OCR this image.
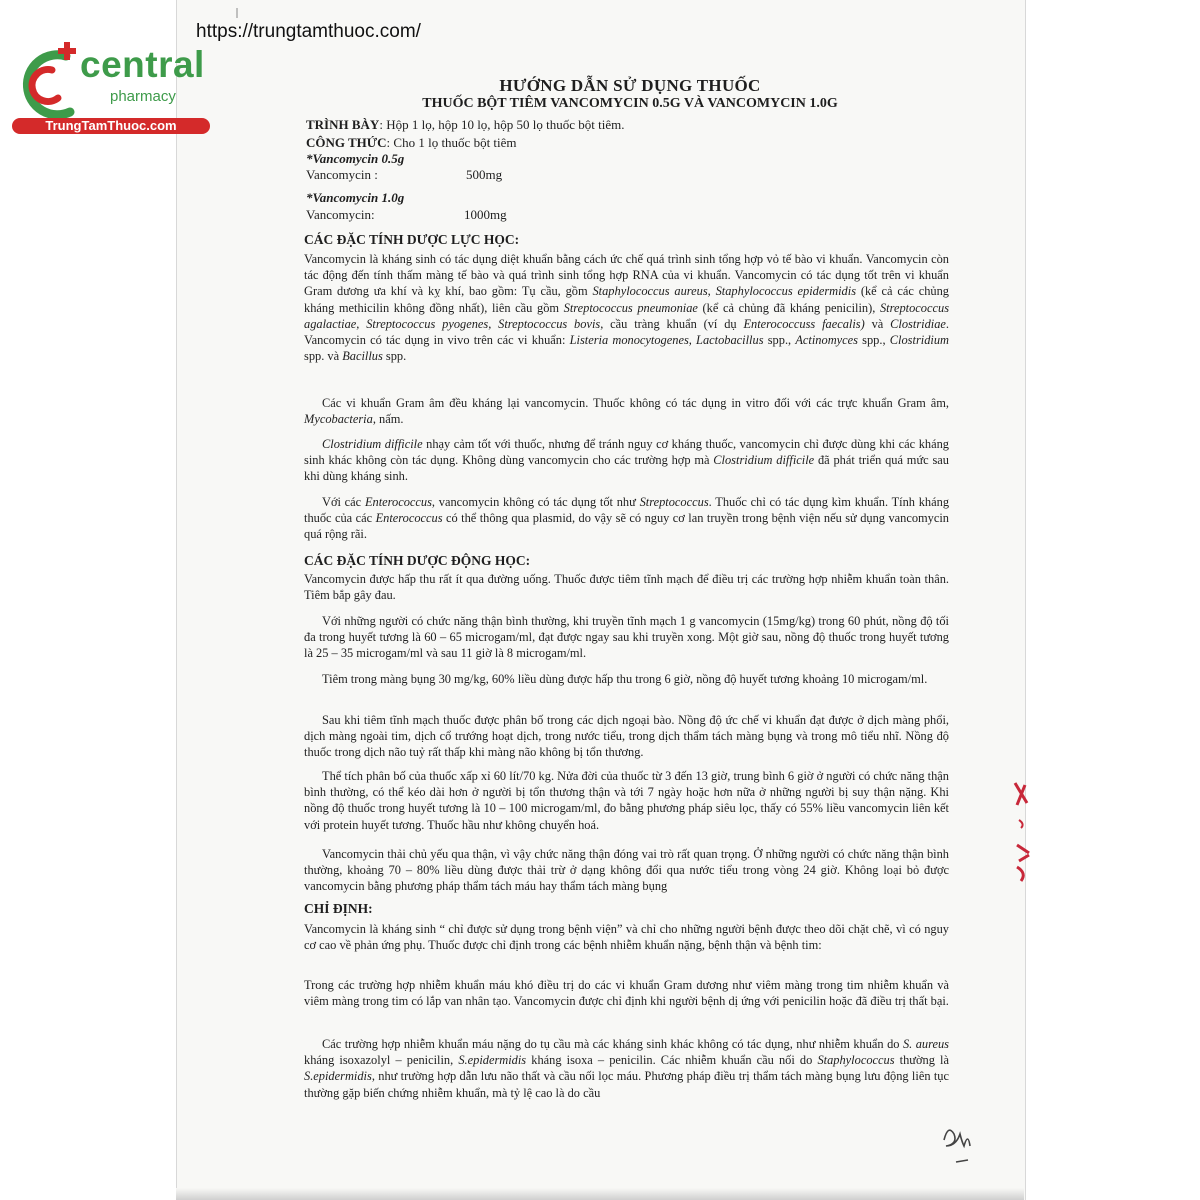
https://trungtamthuoc.com/
central
pharmacy
TrungTamThuoc.com
HƯỚNG DẪN SỬ DỤNG THUỐC
THUỐC BỘT TIÊM VANCOMYCIN 0.5G VÀ VANCOMYCIN 1.0G
TRÌNH BÀY: Hộp 1 lọ, hộp 10 lọ, hộp 50 lọ thuốc bột tiêm.
CÔNG THỨC: Cho 1 lọ thuốc bột tiêm
*Vancomycin 0.5g
Vancomycin :	500mg
*Vancomycin 1.0g
Vancomycin:	1000mg
CÁC ĐẶC TÍNH DƯỢC LỰC HỌC:
Vancomycin là kháng sinh có tác dụng diệt khuẩn bằng cách ức chế quá trình sinh tổng hợp vỏ tế bào vi khuẩn. Vancomycin còn tác động đến tính thấm màng tế bào và quá trình sinh tổng hợp RNA của vi khuẩn. Vancomycin có tác dụng tốt trên vi khuẩn Gram dương ưa khí và kỵ khí, bao gồm: Tụ cầu, gồm Staphylococcus aureus, Staphylococcus epidermidis (kể cả các chủng kháng methicilin không đồng nhất), liên cầu gồm Streptococcus pneumoniae (kể cả chủng đã kháng penicilin), Streptococcus agalactiae, Streptococcus pyogenes, Streptococcus bovis, cầu tràng khuẩn (ví dụ Enterococcuss faecalis) và Clostridiae. Vancomycin có tác dụng in vivo trên các vi khuẩn: Listeria monocytogenes, Lactobacillus spp., Actinomyces spp., Clostridium spp. và Bacillus spp.
Các vi khuẩn Gram âm đều kháng lại vancomycin. Thuốc không có tác dụng in vitro đối với các trực khuẩn Gram âm, Mycobacteria, nấm.
Clostridium difficile nhạy cảm tốt với thuốc, nhưng để tránh nguy cơ kháng thuốc, vancomycin chỉ được dùng khi các kháng sinh khác không còn tác dụng. Không dùng vancomycin cho các trường hợp mà Clostridium difficile đã phát triển quá mức sau khi dùng kháng sinh.
Với các Enterococcus, vancomycin không có tác dụng tốt như Streptococcus. Thuốc chỉ có tác dụng kìm khuẩn. Tính kháng thuốc của các Enterococcus có thể thông qua plasmid, do vậy sẽ có nguy cơ lan truyền trong bệnh viện nếu sử dụng vancomycin quá rộng rãi.
CÁC ĐẶC TÍNH DƯỢC ĐỘNG HỌC:
Vancomycin được hấp thu rất ít qua đường uống. Thuốc được tiêm tĩnh mạch để điều trị các trường hợp nhiễm khuẩn toàn thân. Tiêm bắp gây đau.
Với những người có chức năng thận bình thường, khi truyền tĩnh mạch 1 g vancomycin (15mg/kg) trong 60 phút, nồng độ tối đa trong huyết tương là 60 – 65 microgam/ml, đạt được ngay sau khi truyền xong. Một giờ sau, nồng độ thuốc trong huyết tương là 25 – 35 microgam/ml và sau 11 giờ là 8 microgam/ml.
Tiêm trong màng bụng 30 mg/kg, 60% liều dùng được hấp thu trong 6 giờ, nồng độ huyết tương khoảng 10 microgam/ml.
Sau khi tiêm tĩnh mạch thuốc được phân bố trong các dịch ngoại bào. Nồng độ ức chế vi khuẩn đạt được ở dịch màng phổi, dịch màng ngoài tim, dịch cổ trướng hoạt dịch, trong nước tiểu, trong dịch thẩm tách màng bụng và trong mô tiểu nhĩ. Nồng độ thuốc trong dịch não tuỷ rất thấp khi màng não không bị tổn thương.
Thể tích phân bố của thuốc xấp xỉ 60 lít/70 kg. Nửa đời của thuốc từ 3 đến 13 giờ, trung bình 6 giờ ở người có chức năng thận bình thường, có thể kéo dài hơn ở người bị tổn thương thận và tới 7 ngày hoặc hơn nữa ở những người bị suy thận nặng. Khi nồng độ thuốc trong huyết tương là 10 – 100 microgam/ml, đo bằng phương pháp siêu lọc, thấy có 55% liều vancomycin liên kết với protein huyết tương. Thuốc hầu như không chuyển hoá.
Vancomycin thải chủ yếu qua thận, vì vậy chức năng thận đóng vai trò rất quan trọng. Ở những người có chức năng thận bình thường, khoảng 70 – 80% liều dùng được thải trừ ở dạng không đổi qua nước tiểu trong vòng 24 giờ. Không loại bỏ được vancomycin bằng phương pháp thẩm tách máu hay thẩm tách màng bụng
CHỈ ĐỊNH:
Vancomycin là kháng sinh “ chỉ được sử dụng trong bệnh viện” và chỉ cho những người bệnh được theo dõi chặt chẽ, vì có nguy cơ cao về phản ứng phụ. Thuốc được chỉ định trong các bệnh nhiễm khuẩn nặng, bệnh thận và bệnh tim:
Trong các trường hợp nhiễm khuẩn máu khó điều trị do các vi khuẩn Gram dương như viêm màng trong tim nhiễm khuẩn và viêm màng trong tim có lắp van nhân tạo. Vancomycin được chỉ định khi người bệnh dị ứng với penicilin hoặc đã điều trị thất bại.
Các trường hợp nhiễm khuẩn máu nặng do tụ cầu mà các kháng sinh khác không có tác dụng, như nhiễm khuẩn do S. aureus kháng isoxazolyl – penicilin, S.epidermidis kháng isoxa – penicilin. Các nhiễm khuẩn cầu nối do Staphylococcus thường là S.epidermidis, như trường hợp dẫn lưu não thất và cầu nối lọc máu. Phương pháp điều trị thẩm tách màng bụng lưu động liên tục thường gặp biến chứng nhiễm khuẩn, mà tỷ lệ cao là do cầu
